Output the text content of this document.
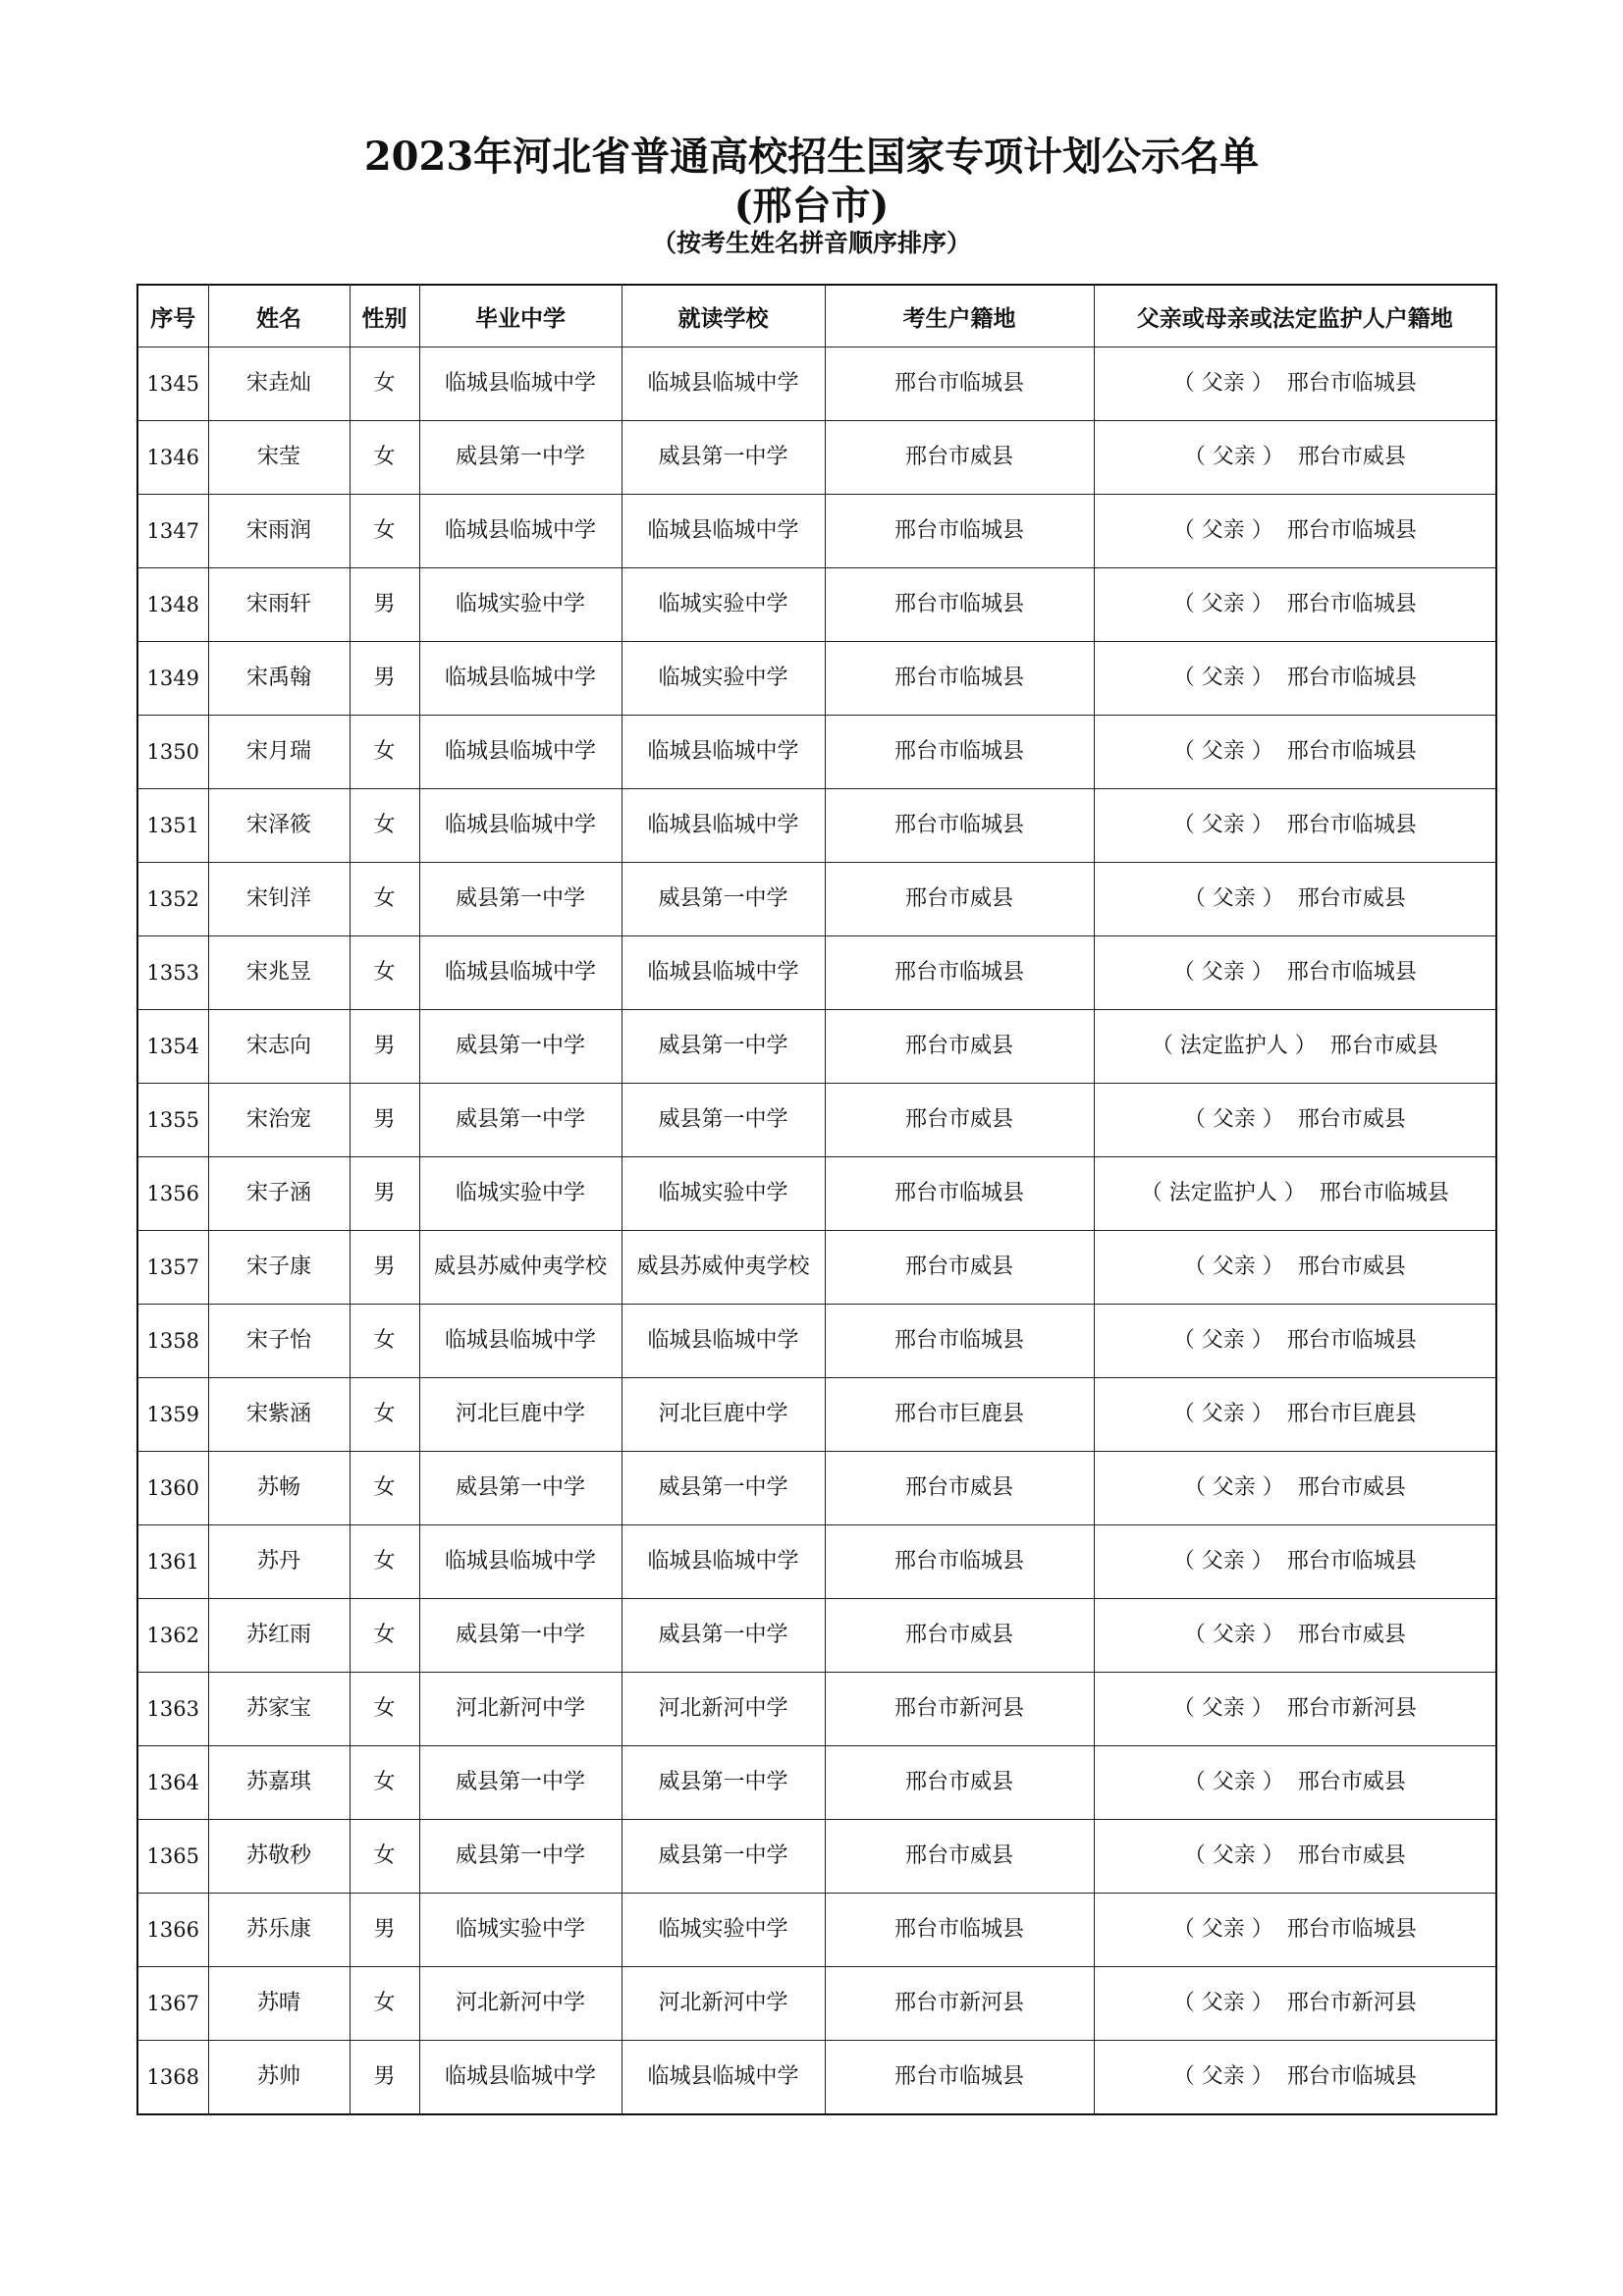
2023年河北省普通高校招生国家专项计划公示名单
(邢台市)
（按考生姓名拼音顺序排序）
序号	姓名	性别	毕业中学	就读学校	考生户籍地	父亲或母亲或法定监护人户籍地
1345	宋垚灿	女	临城县临城中学	临城县临城中学	邢台市临城县	（ 父亲 ） 邢台市临城县
1346	宋莹	女	威县第一中学	威县第一中学	邢台市威县	（ 父亲 ） 邢台市威县
1347	宋雨润	女	临城县临城中学	临城县临城中学	邢台市临城县	（ 父亲 ） 邢台市临城县
1348	宋雨轩	男	临城实验中学	临城实验中学	邢台市临城县	（ 父亲 ） 邢台市临城县
1349	宋禹翰	男	临城县临城中学	临城实验中学	邢台市临城县	（ 父亲 ） 邢台市临城县
1350	宋月瑞	女	临城县临城中学	临城县临城中学	邢台市临城县	（ 父亲 ） 邢台市临城县
1351	宋泽筱	女	临城县临城中学	临城县临城中学	邢台市临城县	（ 父亲 ） 邢台市临城县
1352	宋钊洋	女	威县第一中学	威县第一中学	邢台市威县	（ 父亲 ） 邢台市威县
1353	宋兆昱	女	临城县临城中学	临城县临城中学	邢台市临城县	（ 父亲 ） 邢台市临城县
1354	宋志向	男	威县第一中学	威县第一中学	邢台市威县	（ 法定监护人 ） 邢台市威县
1355	宋治宠	男	威县第一中学	威县第一中学	邢台市威县	（ 父亲 ） 邢台市威县
1356	宋子涵	男	临城实验中学	临城实验中学	邢台市临城县	（ 法定监护人 ） 邢台市临城县
1357	宋子康	男	威县苏威仲夷学校	威县苏威仲夷学校	邢台市威县	（ 父亲 ） 邢台市威县
1358	宋子怡	女	临城县临城中学	临城县临城中学	邢台市临城县	（ 父亲 ） 邢台市临城县
1359	宋紫涵	女	河北巨鹿中学	河北巨鹿中学	邢台市巨鹿县	（ 父亲 ） 邢台市巨鹿县
1360	苏畅	女	威县第一中学	威县第一中学	邢台市威县	（ 父亲 ） 邢台市威县
1361	苏丹	女	临城县临城中学	临城县临城中学	邢台市临城县	（ 父亲 ） 邢台市临城县
1362	苏红雨	女	威县第一中学	威县第一中学	邢台市威县	（ 父亲 ） 邢台市威县
1363	苏家宝	女	河北新河中学	河北新河中学	邢台市新河县	（ 父亲 ） 邢台市新河县
1364	苏嘉琪	女	威县第一中学	威县第一中学	邢台市威县	（ 父亲 ） 邢台市威县
1365	苏敬秒	女	威县第一中学	威县第一中学	邢台市威县	（ 父亲 ） 邢台市威县
1366	苏乐康	男	临城实验中学	临城实验中学	邢台市临城县	（ 父亲 ） 邢台市临城县
1367	苏晴	女	河北新河中学	河北新河中学	邢台市新河县	（ 父亲 ） 邢台市新河县
1368	苏帅	男	临城县临城中学	临城县临城中学	邢台市临城县	（ 父亲 ） 邢台市临城县
